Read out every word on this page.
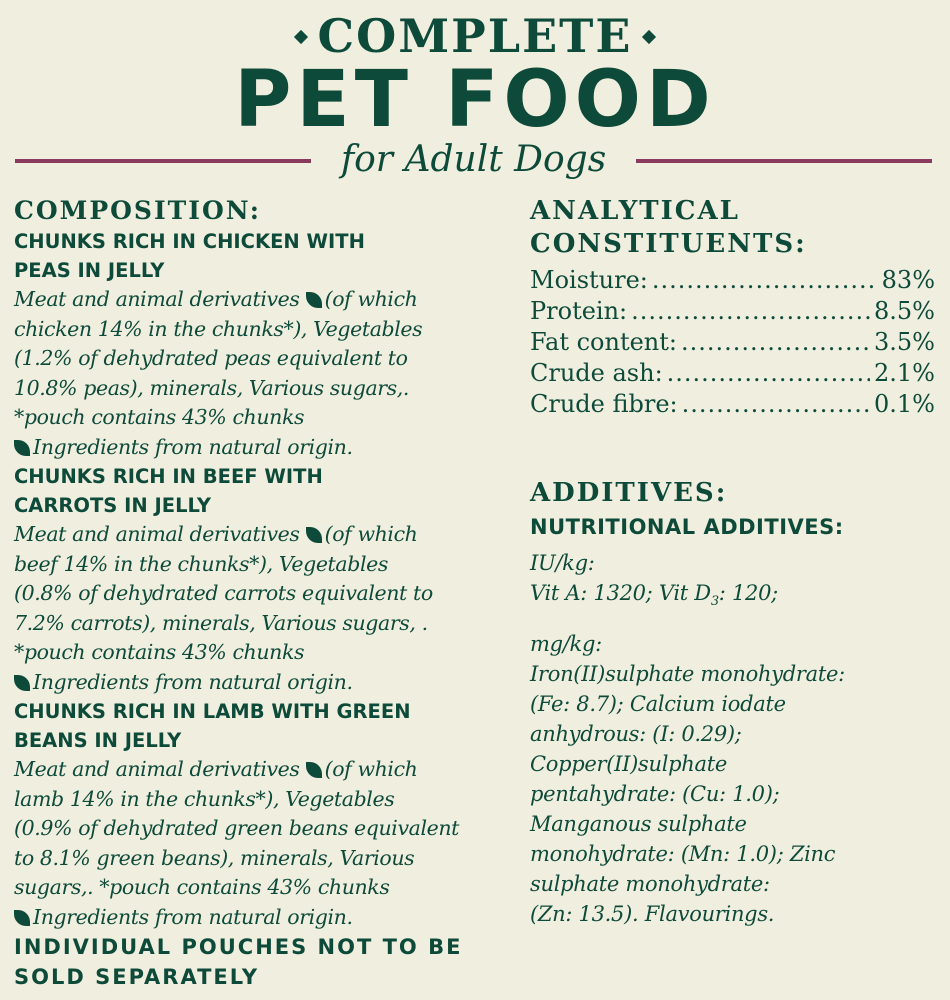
COMPLETE
PET FOOD
for Adult Dogs

COMPOSITION:

CHUNKS RICH IN CHICKEN WITH

PEAS IN JELLY

Meat and animal derivatives (of which

chicken 14% in the chunks*), Vegetables

(1.2% of dehydrated peas equivalent to

10.8% peas), minerals, Various sugars,.

*pouch contains 43% chunks

Ingredients from natural origin.

CHUNKS RICH IN BEEF WITH

CARROTS IN JELLY

Meat and animal derivatives (of which

beef 14% in the chunks*), Vegetables

(0.8% of dehydrated carrots equivalent to

7.2% carrots), minerals, Various sugars, .

*pouch contains 43% chunks

Ingredients from natural origin.

CHUNKS RICH IN LAMB WITH GREEN

BEANS IN JELLY

Meat and animal derivatives (of which

lamb 14% in the chunks*), Vegetables

(0.9% of dehydrated green beans equivalent

to 8.1% green beans), minerals, Various

sugars,. *pouch contains 43% chunks

Ingredients from natural origin.

INDIVIDUAL POUCHES NOT TO BE

SOLD SEPARATELY

ANALYTICAL

CONSTITUENTS:

Moisture: .....	83%
Protein: .....	8.5%
Fat content: .....	3.5%
Crude ash: .....	2.1%
Crude fibre: .....	0.1%

ADDITIVES:

NUTRITIONAL ADDITIVES:

IU/kg:

Vit A: 1320; Vit $D_3$: 120;

mg/kg:

Iron(II)sulphate monohydrate:

(Fe: 8.7); Calcium iodate

anhydrous: (I: 0.29);

Copper(II)sulphate

pentahydrate: (Cu: 1.0);

Manganous sulphate

monohydrate: (Mn: 1.0); Zinc

sulphate monohydrate:

(Zn: 13.5). Flavourings.
